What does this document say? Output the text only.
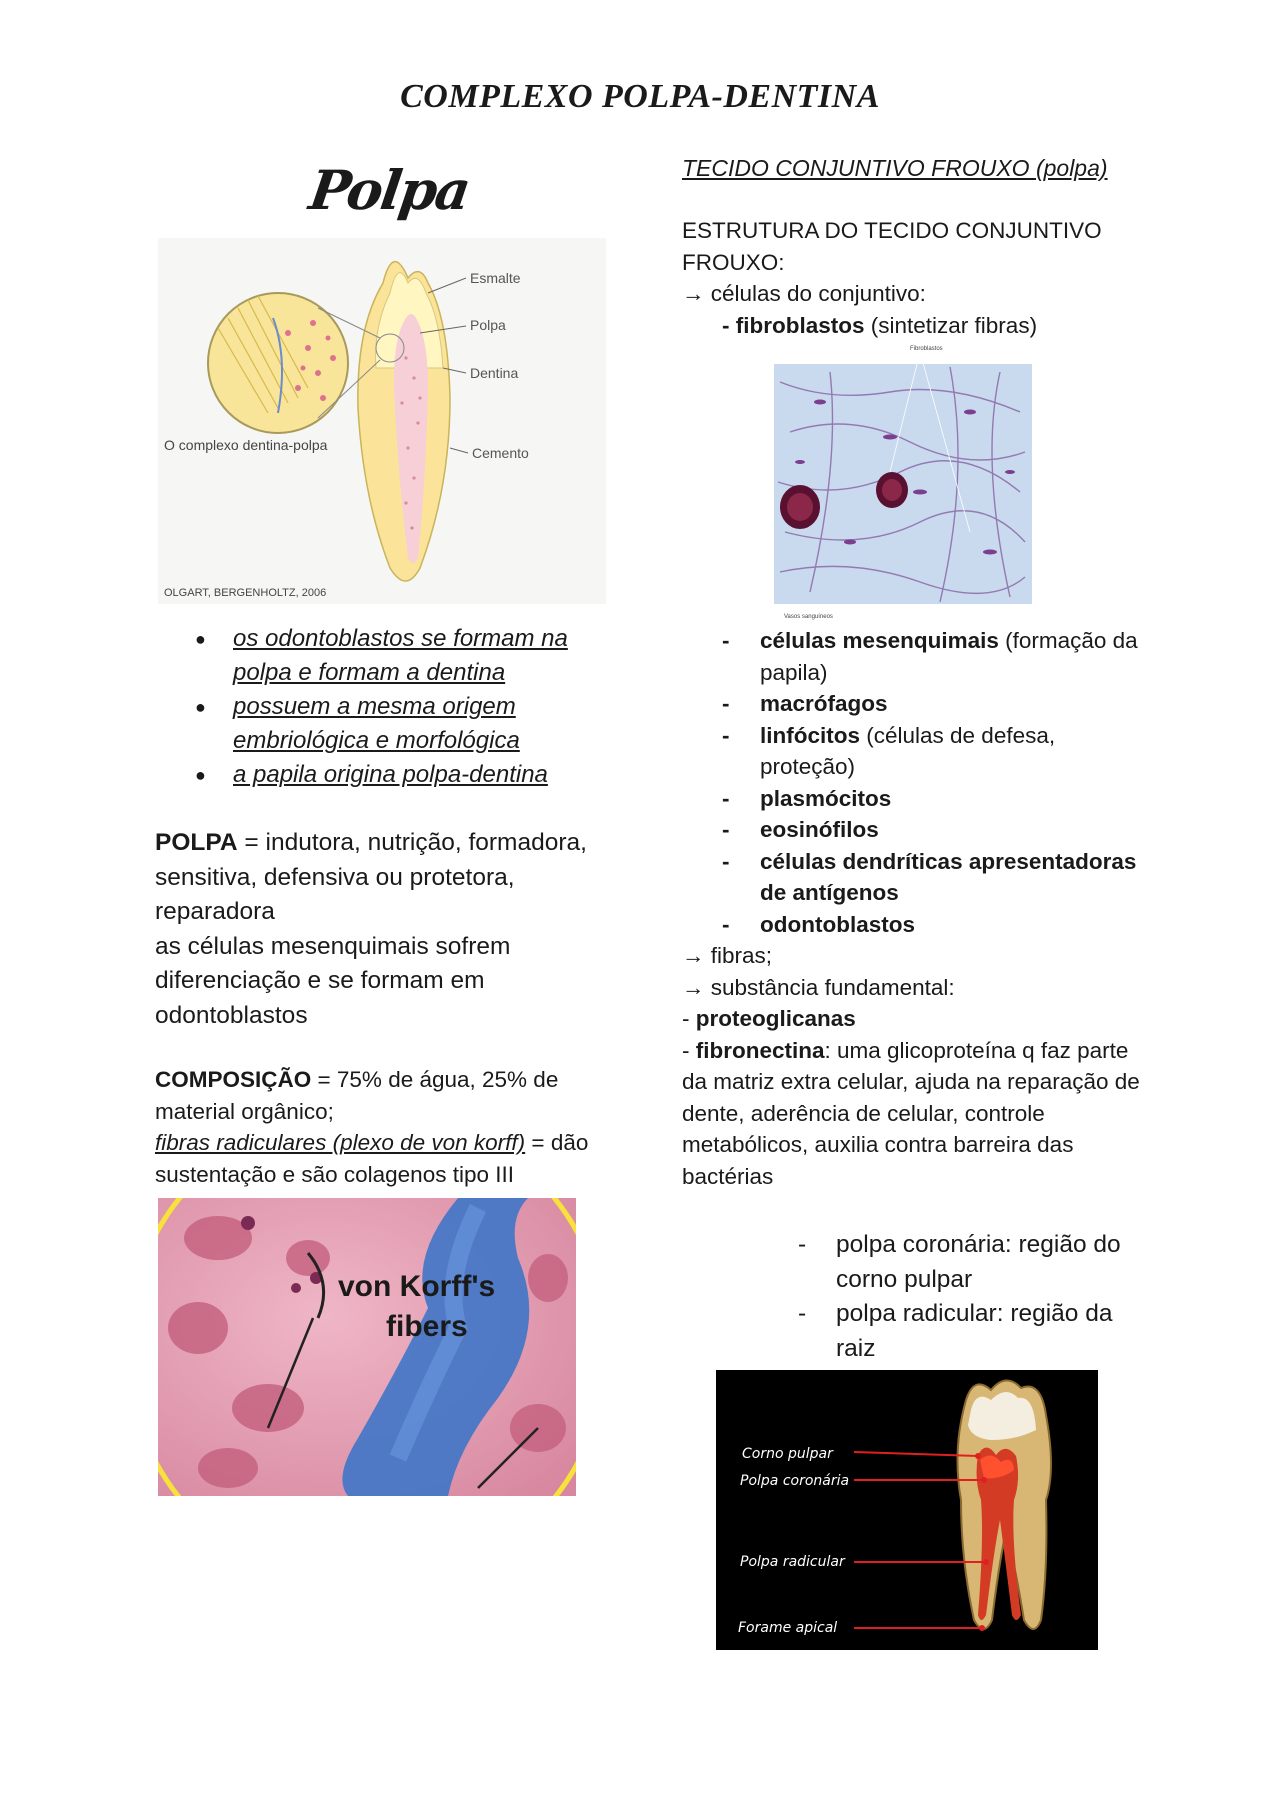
COMPLEXO POLPA-DENTINA
Polpa
Esmalte
Polpa
Dentina
Cemento
O complexo dentina-polpa
OLGART, BERGENHOLTZ, 2006
● os odontoblastos se formam na polpa e formam a dentina
● possuem a mesma origem embriológica e morfológica
● a papila origina polpa-dentina
POLPA = indutora, nutrição, formadora, sensitiva, defensiva ou protetora, reparadora
as células mesenquimais sofrem diferenciação e se formam em odontoblastos
COMPOSIÇÃO = 75% de água, 25% de material orgânico;
fibras radiculares (plexo de von korff) = dão sustentação e são colagenos tipo III
von Korff's
fibers
TECIDO CONJUNTIVO FROUXO (polpa)
ESTRUTURA DO TECIDO CONJUNTIVO FROUXO:
→ células do conjuntivo:
- fibroblastos (sintetizar fibras)
Fibroblastos
Vasos sanguíneos
- células mesenquimais (formação da papila)
- macrófagos
- linfócitos (células de defesa, proteção)
- plasmócitos
- eosinófilos
- células dendríticas apresentadoras de antígenos
- odontoblastos
→ fibras;
→ substância fundamental:
- proteoglicanas
- fibronectina: uma glicoproteína q faz parte da matriz extra celular, ajuda na reparação de dente, aderência de celular, controle metabólicos, auxilia contra barreira das bactérias
- polpa coronária: região do corno pulpar
- polpa radicular: região da raiz
Corno pulpar
Polpa coronária
Polpa radicular
Forame apical
